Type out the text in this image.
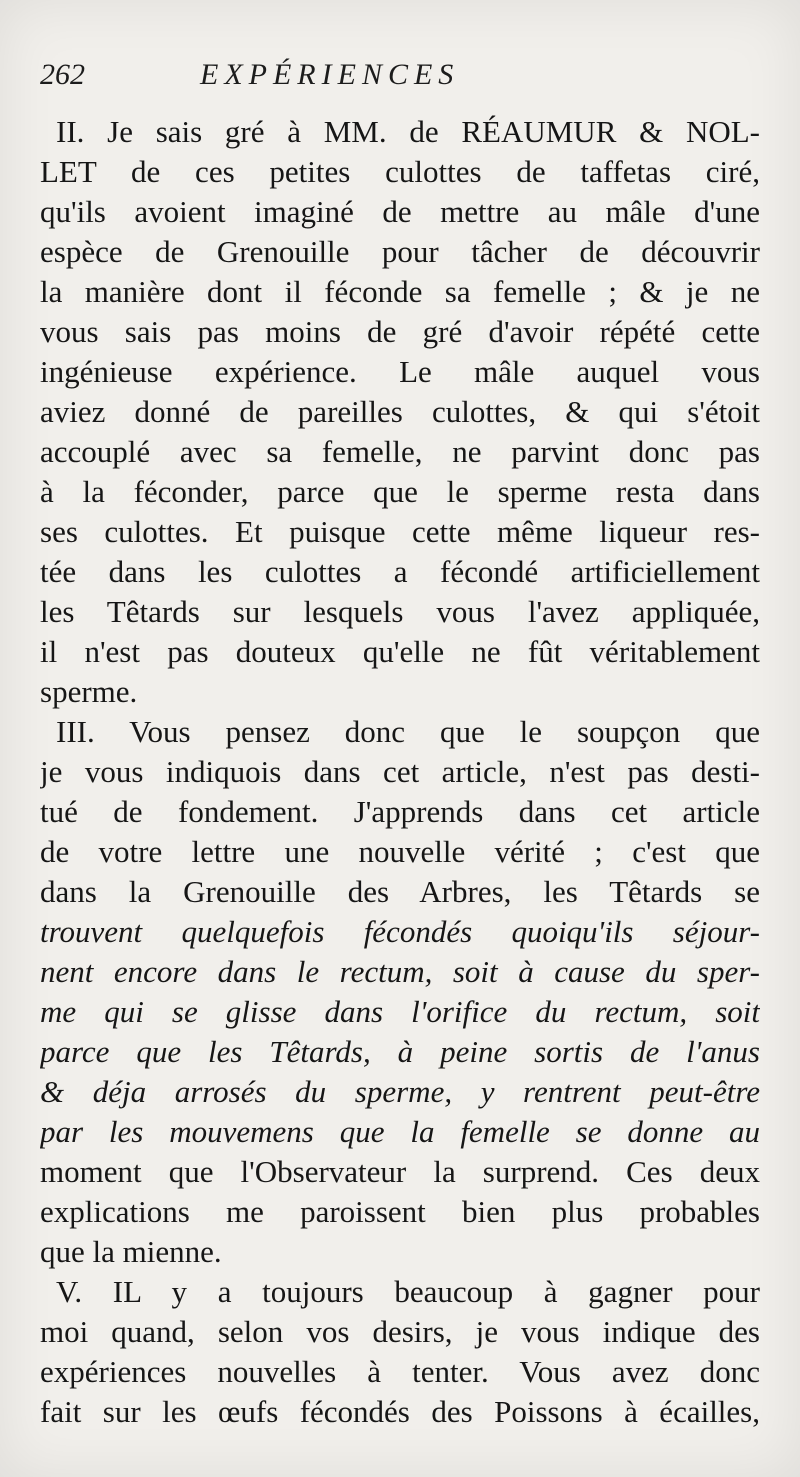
262	EXPÉRIENCES
II. Je sais gré à MM. de RÉAUMUR & NOL-
LET de ces petites culottes de taffetas ciré,
qu'ils avoient imaginé de mettre au mâle d'une
espèce de Grenouille pour tâcher de découvrir
la manière dont il féconde sa femelle ; & je ne
vous sais pas moins de gré d'avoir répété cette
ingénieuse expérience. Le mâle auquel vous
aviez donné de pareilles culottes, & qui s'étoit
accouplé avec sa femelle, ne parvint donc pas
à la féconder, parce que le sperme resta dans
ses culottes. Et puisque cette même liqueur res-
tée dans les culottes a fécondé artificiellement
les Têtards sur lesquels vous l'avez appliquée,
il n'est pas douteux qu'elle ne fût véritablement
sperme.
III. Vous pensez donc que le soupçon que
je vous indiquois dans cet article, n'est pas desti-
tué de fondement. J'apprends dans cet article
de votre lettre une nouvelle vérité ; c'est que
dans la Grenouille des Arbres, les Têtards se
trouvent quelquefois fécondés quoiqu'ils séjour-
nent encore dans le rectum, soit à cause du sper-
me qui se glisse dans l'orifice du rectum, soit
parce que les Têtards, à peine sortis de l'anus
& déja arrosés du sperme, y rentrent peut-être
par les mouvemens que la femelle se donne au
moment que l'Observateur la surprend. Ces deux
explications me paroissent bien plus probables
que la mienne.
V. IL y a toujours beaucoup à gagner pour
moi quand, selon vos desirs, je vous indique des
expériences nouvelles à tenter. Vous avez donc
fait sur les œufs fécondés des Poissons à écailles,
